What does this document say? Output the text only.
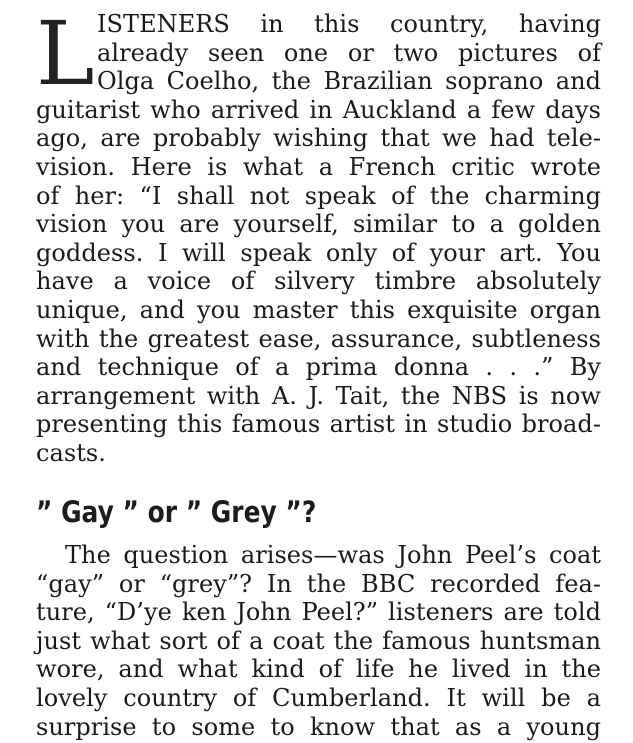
L ISTENERS in this country, having
already seen one or two pictures of
Olga Coelho, the Brazilian soprano and
guitarist who arrived in Auckland a few days
ago, are probably wishing that we had tele-
vision. Here is what a French critic wrote
of her: “I shall not speak of the charming
vision you are yourself, similar to a golden
goddess. I will speak only of your art. You
have a voice of silvery timbre absolutely
unique, and you master this exquisite organ
with the greatest ease, assurance, subtleness
and technique of a prima donna . . .” By
arrangement with A. J. Tait, the NBS is now
presenting this famous artist in studio broad-
casts.
” Gay ” or ” Grey ”?
The question arises—was John Peel’s coat
“gay” or “grey”? In the BBC recorded fea-
ture, “D’ye ken John Peel?” listeners are told
just what sort of a coat the famous huntsman
wore, and what kind of life he lived in the
lovely country of Cumberland. It will be a
surprise to some to know that as a young
